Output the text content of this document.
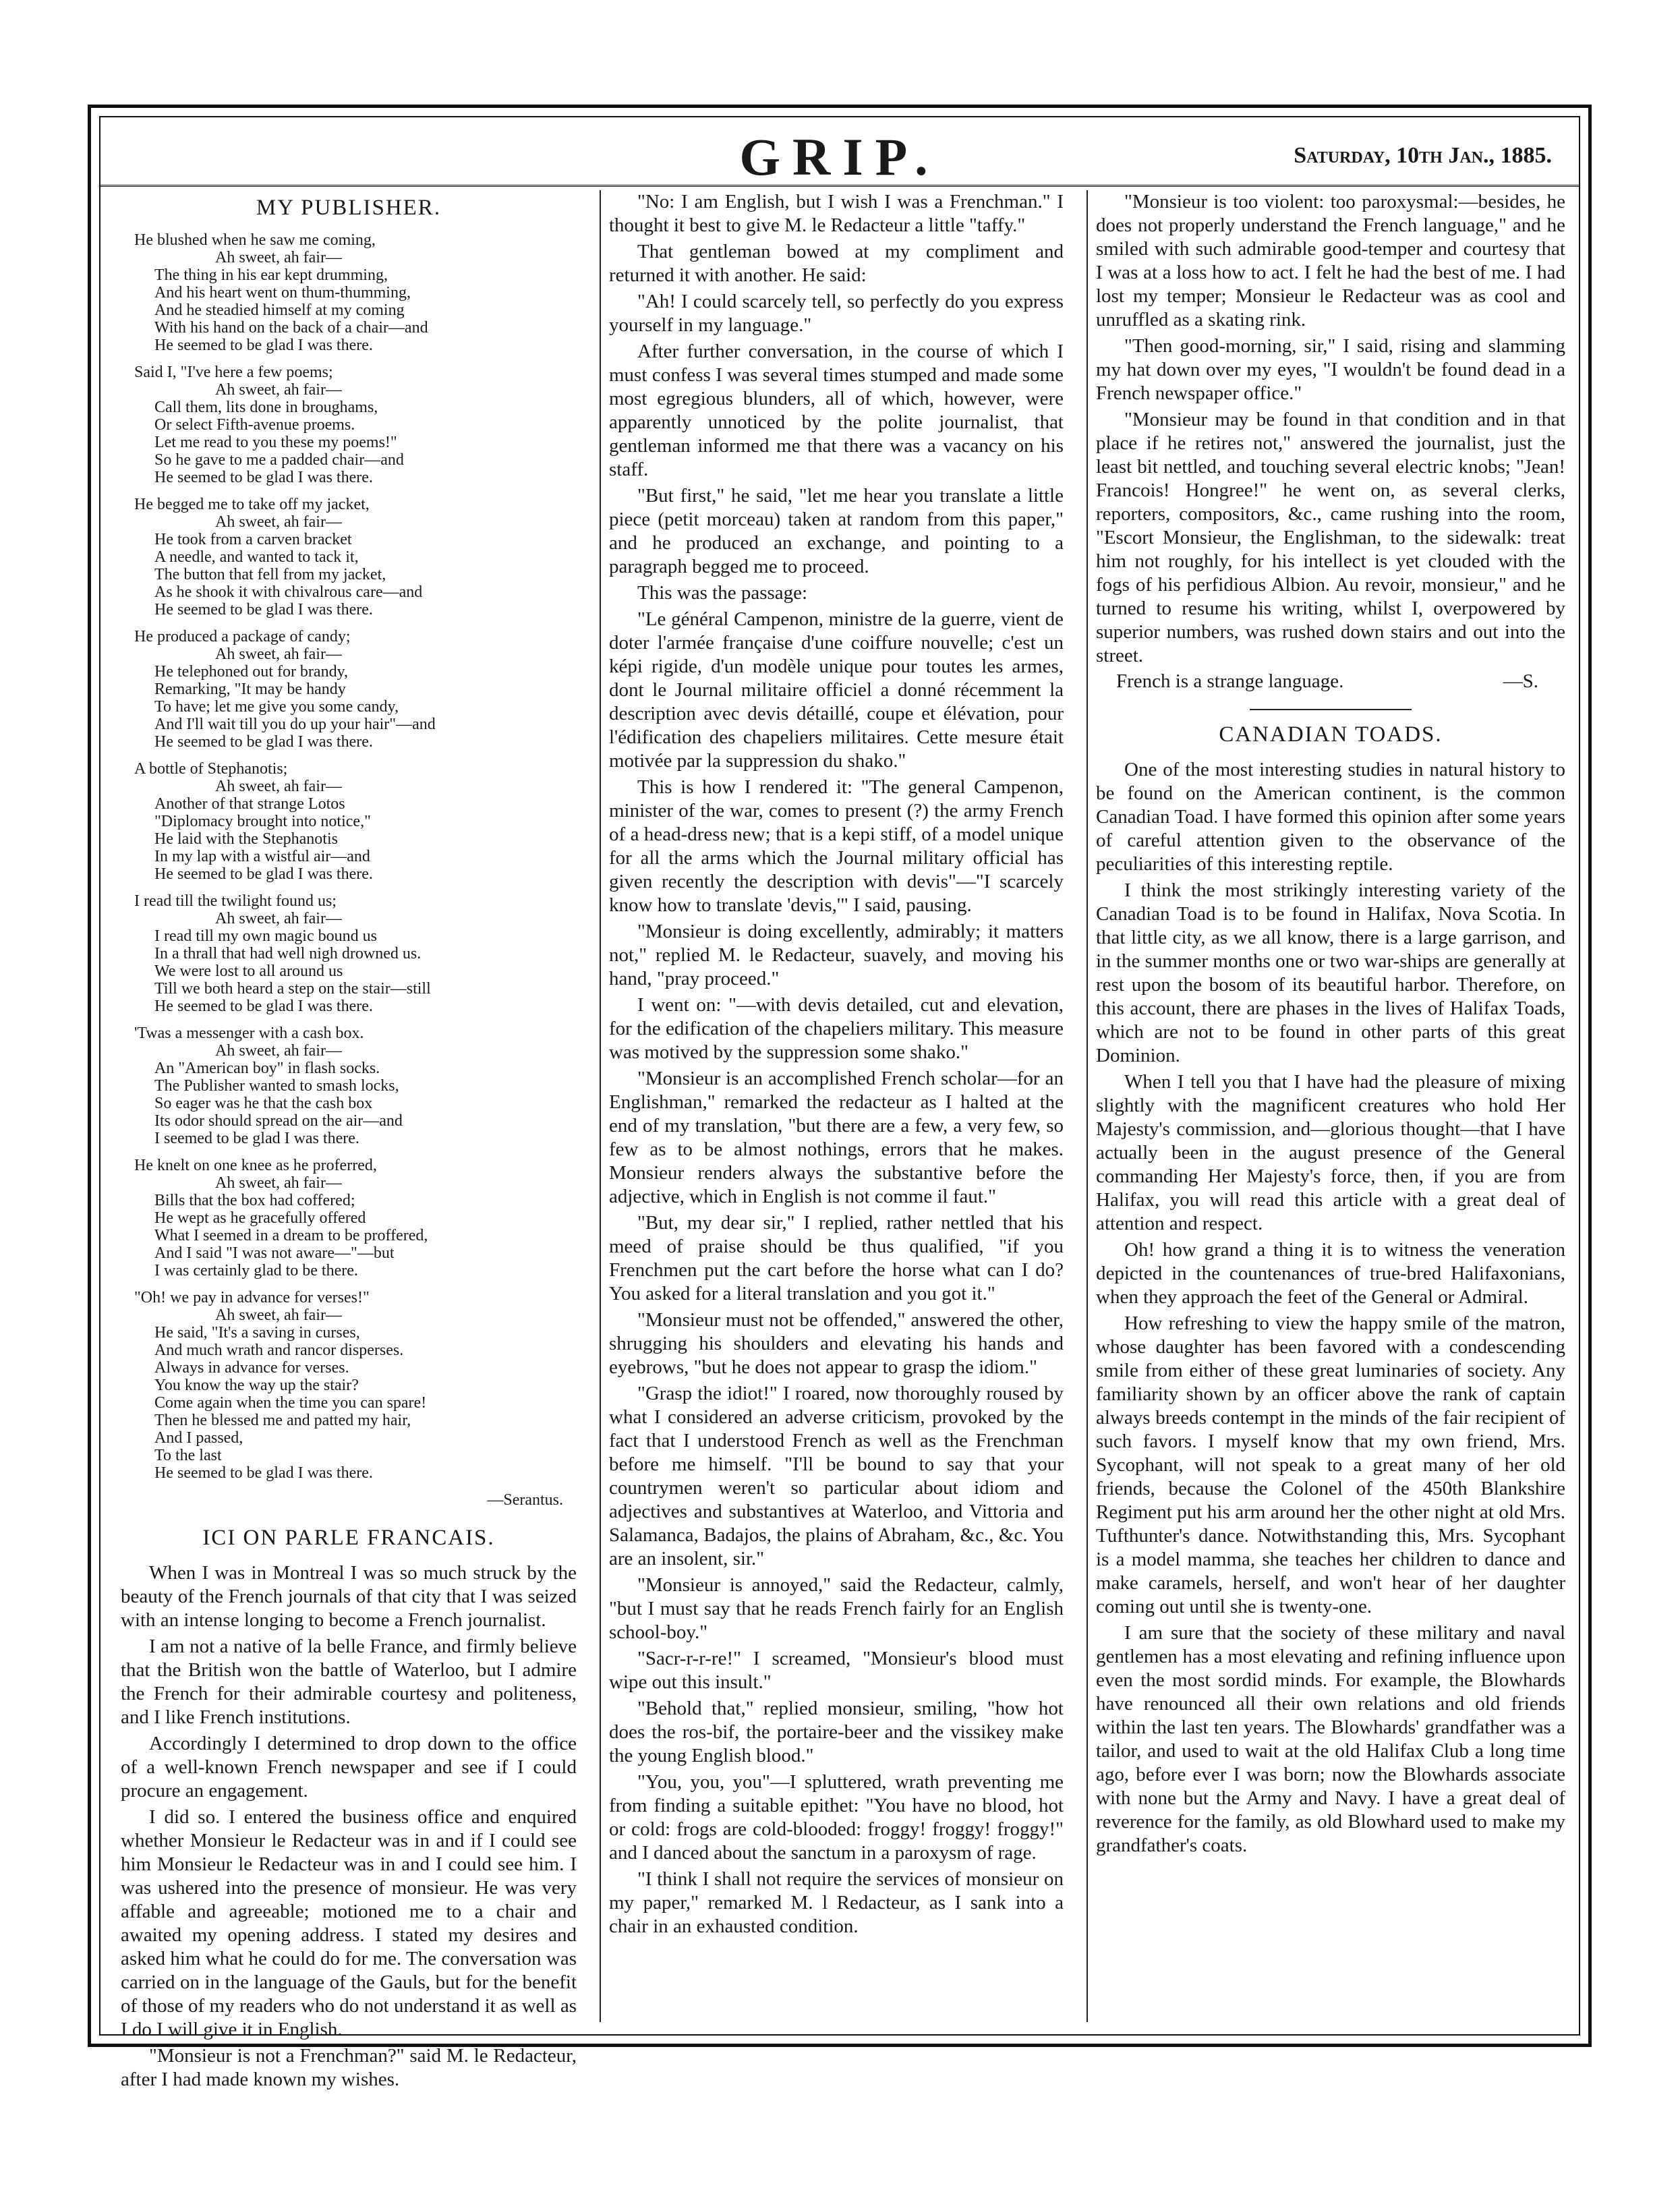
GRIP.	Saturday, 10th Jan., 1885.
MY PUBLISHER.
He blushed when he saw me coming,
Ah sweet, ah fair—
The thing in his ear kept drumming,
And his heart went on thum-thumming,
And he steadied himself at my coming
With his hand on the back of a chair—and
He seemed to be glad I was there.
Said I, "I've here a few poems;
Ah sweet, ah fair—
Call them, lits done in broughams,
Or select Fifth-avenue proems.
Let me read to you these my poems!"
So he gave to me a padded chair—and
He seemed to be glad I was there.
He begged me to take off my jacket,
Ah sweet, ah fair—
He took from a carven bracket
A needle, and wanted to tack it,
The button that fell from my jacket,
As he shook it with chivalrous care—and
He seemed to be glad I was there.
He produced a package of candy;
Ah sweet, ah fair—
He telephoned out for brandy,
Remarking, "It may be handy
To have; let me give you some candy,
And I'll wait till you do up your hair"—and
He seemed to be glad I was there.
A bottle of Stephanotis;
Ah sweet, ah fair—
Another of that strange Lotos
"Diplomacy brought into notice,"
He laid with the Stephanotis
In my lap with a wistful air—and
He seemed to be glad I was there.
I read till the twilight found us;
Ah sweet, ah fair—
I read till my own magic bound us
In a thrall that had well nigh drowned us.
We were lost to all around us
Till we both heard a step on the stair—still
He seemed to be glad I was there.
'Twas a messenger with a cash box.
Ah sweet, ah fair—
An "American boy" in flash socks.
The Publisher wanted to smash locks,
So eager was he that the cash box
Its odor should spread on the air—and
I seemed to be glad I was there.
He knelt on one knee as he proferred,
Ah sweet, ah fair—
Bills that the box had coffered;
He wept as he gracefully offered
What I seemed in a dream to be proffered,
And I said "I was not aware—"—but
I was certainly glad to be there.
"Oh! we pay in advance for verses!"
Ah sweet, ah fair—
He said, "It's a saving in curses,
And much wrath and rancor disperses.
Always in advance for verses.
You know the way up the stair?
Come again when the time you can spare!
Then he blessed me and patted my hair,
And I passed,
To the last
He seemed to be glad I was there.
—Serantus.
ICI ON PARLE FRANCAIS.

When I was in Montreal I was so much struck by the beauty of the French journals of that city that I was seized with an intense longing to become a French journalist.

I am not a native of la belle France, and firmly believe that the British won the battle of Waterloo, but I admire the French for their admirable courtesy and politeness, and I like French institutions.

Accordingly I determined to drop down to the office of a well-known French newspaper and see if I could procure an engagement.

I did so. I entered the business office and enquired whether Monsieur le Redacteur was in and if I could see him Monsieur le Redacteur was in and I could see him. I was ushered into the presence of monsieur. He was very affable and agreeable; motioned me to a chair and awaited my opening address. I stated my desires and asked him what he could do for me. The conversation was carried on in the language of the Gauls, but for the benefit of those of my readers who do not understand it as well as I do I will give it in English.

"Monsieur is not a Frenchman?" said M. le Redacteur, after I had made known my wishes.

"No: I am English, but I wish I was a Frenchman." I thought it best to give M. le Redacteur a little "taffy."

That gentleman bowed at my compliment and returned it with another. He said:

"Ah! I could scarcely tell, so perfectly do you express yourself in my language."

After further conversation, in the course of which I must confess I was several times stumped and made some most egregious blunders, all of which, however, were apparently unnoticed by the polite journalist, that gentleman informed me that there was a vacancy on his staff.

"But first," he said, "let me hear you translate a little piece (petit morceau) taken at random from this paper," and he produced an exchange, and pointing to a paragraph begged me to proceed.

This was the passage:

"Le général Campenon, ministre de la guerre, vient de doter l'armée française d'une coiffure nouvelle; c'est un képi rigide, d'un modèle unique pour toutes les armes, dont le Journal militaire officiel a donné récemment la description avec devis détaillé, coupe et élévation, pour l'édification des chapeliers militaires. Cette mesure était motivée par la suppression du shako."

This is how I rendered it: "The general Campenon, minister of the war, comes to present (?) the army French of a head-dress new; that is a kepi stiff, of a model unique for all the arms which the Journal military official has given recently the description with devis"—"I scarcely know how to translate 'devis,'" I said, pausing.

"Monsieur is doing excellently, admirably; it matters not," replied M. le Redacteur, suavely, and moving his hand, "pray proceed."

I went on: "—with devis detailed, cut and elevation, for the edification of the chapeliers military. This measure was motived by the suppression some shako."

"Monsieur is an accomplished French scholar—for an Englishman," remarked the redacteur as I halted at the end of my translation, "but there are a few, a very few, so few as to be almost nothings, errors that he makes. Monsieur renders always the substantive before the adjective, which in English is not comme il faut."

"But, my dear sir," I replied, rather nettled that his meed of praise should be thus qualified, "if you Frenchmen put the cart before the horse what can I do? You asked for a literal translation and you got it."

"Monsieur must not be offended," answered the other, shrugging his shoulders and elevating his hands and eyebrows, "but he does not appear to grasp the idiom."

"Grasp the idiot!" I roared, now thoroughly roused by what I considered an adverse criticism, provoked by the fact that I understood French as well as the Frenchman before me himself. "I'll be bound to say that your countrymen weren't so particular about idiom and adjectives and substantives at Waterloo, and Vittoria and Salamanca, Badajos, the plains of Abraham, &c., &c. You are an insolent, sir."

"Monsieur is annoyed," said the Redacteur, calmly, "but I must say that he reads French fairly for an English school-boy."

"Sacr-r-r-re!" I screamed, "Monsieur's blood must wipe out this insult."

"Behold that," replied monsieur, smiling, "how hot does the ros-bif, the portaire-beer and the vissikey make the young English blood."

"You, you, you"—I spluttered, wrath preventing me from finding a suitable epithet: "You have no blood, hot or cold: frogs are cold-blooded: froggy! froggy! froggy!" and I danced about the sanctum in a paroxysm of rage.

"I think I shall not require the services of monsieur on my paper," remarked M. l Redacteur, as I sank into a chair in an exhausted condition.

"Monsieur is too violent: too paroxysmal:—besides, he does not properly understand the French language," and he smiled with such admirable good-temper and courtesy that I was at a loss how to act. I felt he had the best of me. I had lost my temper; Monsieur le Redacteur was as cool and unruffled as a skating rink.

"Then good-morning, sir," I said, rising and slamming my hat down over my eyes, "I wouldn't be found dead in a French newspaper office."

"Monsieur may be found in that condition and in that place if he retires not," answered the journalist, just the least bit nettled, and touching several electric knobs; "Jean! Francois! Hongree!" he went on, as several clerks, reporters, compositors, &c., came rushing into the room, "Escort Monsieur, the Englishman, to the sidewalk: treat him not roughly, for his intellect is yet clouded with the fogs of his perfidious Albion. Au revoir, monsieur," and he turned to resume his writing, whilst I, overpowered by superior numbers, was rushed down stairs and out into the street.

French is a strange language.	—S.
CANADIAN TOADS.

One of the most interesting studies in natural history to be found on the American continent, is the common Canadian Toad. I have formed this opinion after some years of careful attention given to the observance of the peculiarities of this interesting reptile.

I think the most strikingly interesting variety of the Canadian Toad is to be found in Halifax, Nova Scotia. In that little city, as we all know, there is a large garrison, and in the summer months one or two war-ships are generally at rest upon the bosom of its beautiful harbor. Therefore, on this account, there are phases in the lives of Halifax Toads, which are not to be found in other parts of this great Dominion.

When I tell you that I have had the pleasure of mixing slightly with the magnificent creatures who hold Her Majesty's commission, and—glorious thought—that I have actually been in the august presence of the General commanding Her Majesty's force, then, if you are from Halifax, you will read this article with a great deal of attention and respect.

Oh! how grand a thing it is to witness the veneration depicted in the countenances of true-bred Halifaxonians, when they approach the feet of the General or Admiral.

How refreshing to view the happy smile of the matron, whose daughter has been favored with a condescending smile from either of these great luminaries of society. Any familiarity shown by an officer above the rank of captain always breeds contempt in the minds of the fair recipient of such favors. I myself know that my own friend, Mrs. Sycophant, will not speak to a great many of her old friends, because the Colonel of the 450th Blankshire Regiment put his arm around her the other night at old Mrs. Tufthunter's dance. Notwithstanding this, Mrs. Sycophant is a model mamma, she teaches her children to dance and make caramels, herself, and won't hear of her daughter coming out until she is twenty-one.

I am sure that the society of these military and naval gentlemen has a most elevating and refining influence upon even the most sordid minds. For example, the Blowhards have renounced all their own relations and old friends within the last ten years. The Blowhards' grandfather was a tailor, and used to wait at the old Halifax Club a long time ago, before ever I was born; now the Blowhards associate with none but the Army and Navy. I have a great deal of reverence for the family, as old Blowhard used to make my grandfather's coats.
